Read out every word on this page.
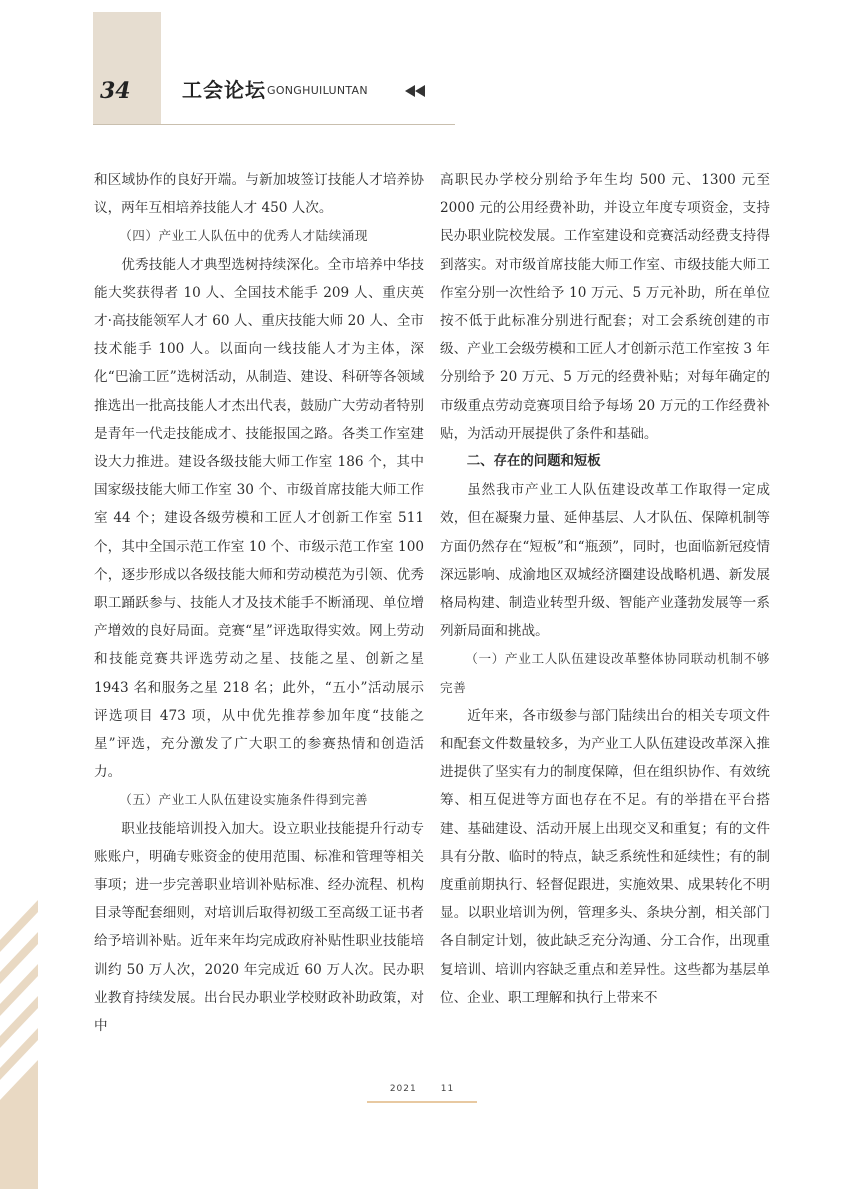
34	工会论坛 GONGHUILUNTAN

和区域协作的良好开端。与新加坡签订技能人才培养协议，两年互相培养技能人才 450 人次。

（四）产业工人队伍中的优秀人才陆续涌现

优秀技能人才典型选树持续深化。全市培养中华技能大奖获得者 10 人、全国技术能手 209 人、重庆英才·高技能领军人才 60 人、重庆技能大师 20 人、全市技术能手 100 人。以面向一线技能人才为主体，深化“巴渝工匠”选树活动，从制造、建设、科研等各领域推选出一批高技能人才杰出代表，鼓励广大劳动者特别是青年一代走技能成才、技能报国之路。各类工作室建设大力推进。建设各级技能大师工作室 186 个，其中国家级技能大师工作室 30 个、市级首席技能大师工作室 44 个；建设各级劳模和工匠人才创新工作室 511 个，其中全国示范工作室 10 个、市级示范工作室 100 个，逐步形成以各级技能大师和劳动模范为引领、优秀职工踊跃参与、技能人才及技术能手不断涌现、单位增产增效的良好局面。竞赛“星”评选取得实效。网上劳动和技能竞赛共评选劳动之星、技能之星、创新之星 1943 名和服务之星 218 名；此外，“五小”活动展示评选项目 473 项，从中优先推荐参加年度“技能之星”评选，充分激发了广大职工的参赛热情和创造活力。

（五）产业工人队伍建设实施条件得到完善

职业技能培训投入加大。设立职业技能提升行动专账账户，明确专账资金的使用范围、标准和管理等相关事项；进一步完善职业培训补贴标准、经办流程、机构目录等配套细则，对培训后取得初级工至高级工证书者给予培训补贴。近年来年均完成政府补贴性职业技能培训约 50 万人次，2020 年完成近 60 万人次。民办职业教育持续发展。出台民办职业学校财政补助政策，对中

高职民办学校分别给予年生均 500 元、1300 元至 2000 元的公用经费补助，并设立年度专项资金，支持民办职业院校发展。工作室建设和竞赛活动经费支持得到落实。对市级首席技能大师工作室、市级技能大师工作室分别一次性给予 10 万元、5 万元补助，所在单位按不低于此标准分别进行配套；对工会系统创建的市级、产业工会级劳模和工匠人才创新示范工作室按 3 年分别给予 20 万元、5 万元的经费补贴；对每年确定的市级重点劳动竞赛项目给予每场 20 万元的工作经费补贴，为活动开展提供了条件和基础。

二、存在的问题和短板

虽然我市产业工人队伍建设改革工作取得一定成效，但在凝聚力量、延伸基层、人才队伍、保障机制等方面仍然存在“短板”和“瓶颈”，同时，也面临新冠疫情深远影响、成渝地区双城经济圈建设战略机遇、新发展格局构建、制造业转型升级、智能产业蓬勃发展等一系列新局面和挑战。

（一）产业工人队伍建设改革整体协同联动机制不够完善

近年来，各市级参与部门陆续出台的相关专项文件和配套文件数量较多，为产业工人队伍建设改革深入推进提供了坚实有力的制度保障，但在组织协作、有效统筹、相互促进等方面也存在不足。有的举措在平台搭建、基础建设、活动开展上出现交叉和重复；有的文件具有分散、临时的特点，缺乏系统性和延续性；有的制度重前期执行、轻督促跟进，实施效果、成果转化不明显。以职业培训为例，管理多头、条块分割，相关部门各自制定计划，彼此缺乏充分沟通、分工合作，出现重复培训、培训内容缺乏重点和差异性。这些都为基层单位、企业、职工理解和执行上带来不

2021	11
